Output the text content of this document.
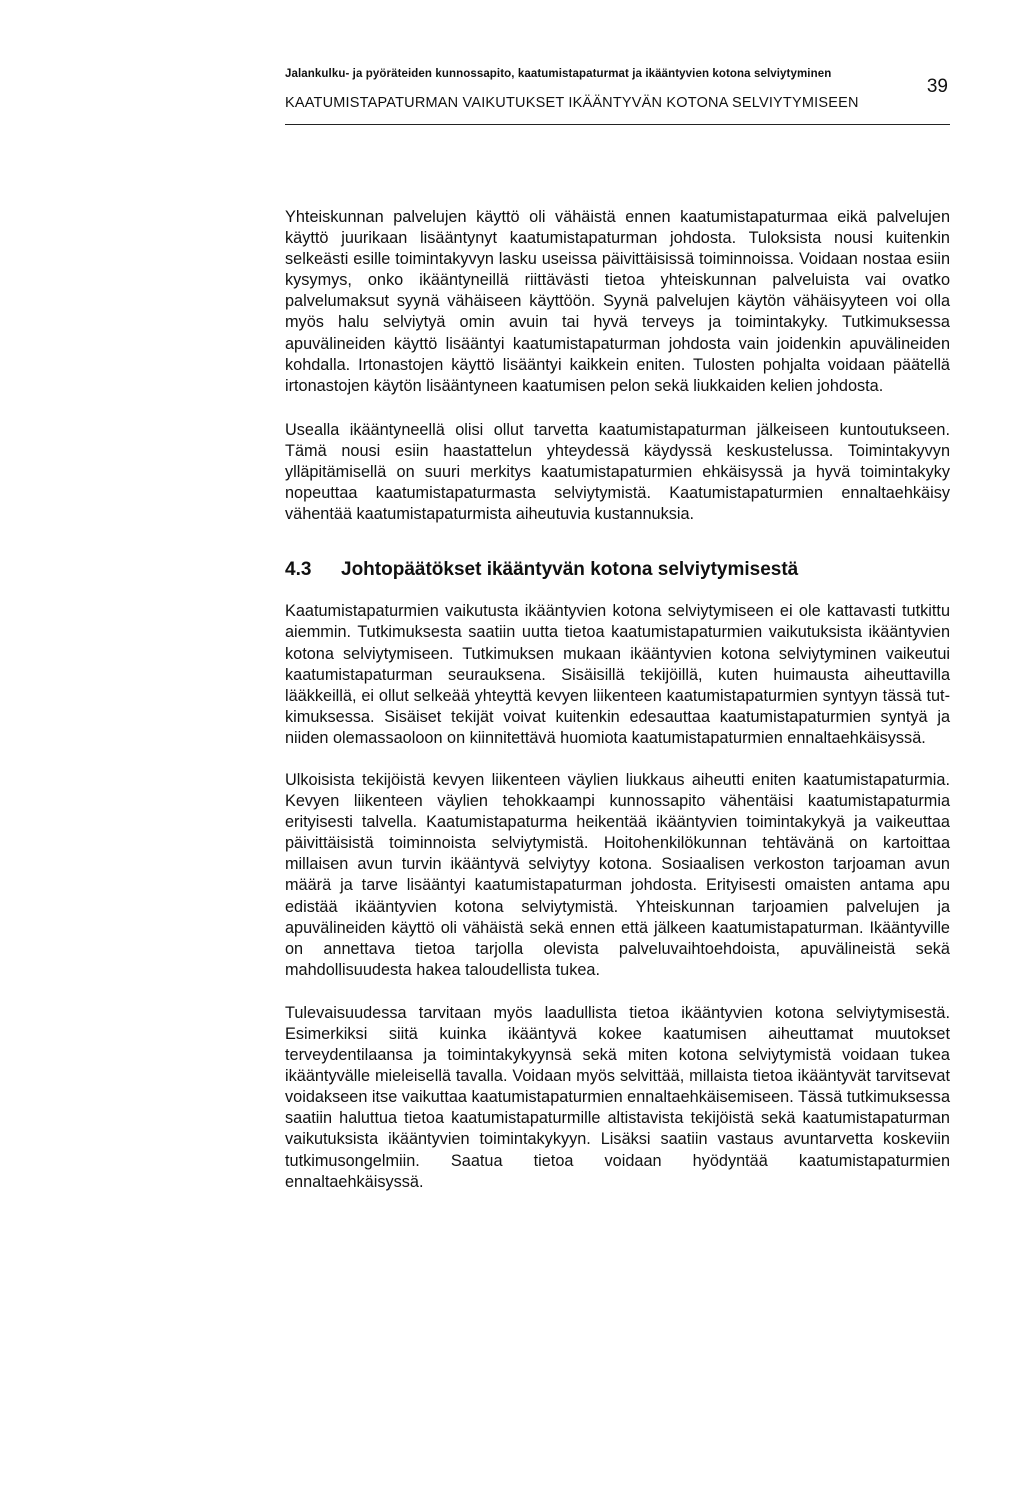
Jalankulku- ja pyöräteiden kunnossapito, kaatumistapaturmat ja ikääntyvien kotona selviytyminen
KAATUMISTAPATURMAN VAIKUTUKSET IKÄÄNTYVÄN KOTONA SELVIYTYMISEEN
39

Yhteiskunnan palvelujen käyttö oli vähäistä ennen kaatumistapaturmaa eikä palvelujen käyttö juurikaan lisääntynyt kaatumistapaturman johdosta. Tuloksista nousi kuitenkin selkeästi esille toimintakyvyn lasku useissa päivittäisissä toiminnoissa. Voidaan nostaa esiin kysymys, onko ikääntyneillä riittävästi tietoa yhteiskunnan palveluista vai ovatko palvelumaksut syynä vähäiseen käyttöön. Syynä palvelujen käytön vähäisyyteen voi olla myös halu selviytyä omin avuin tai hyvä terveys ja toimintakyky. Tutkimuksessa apuvälineiden käyttö lisääntyi kaatumistapaturman johdosta vain joidenkin apuvälineiden kohdalla. Irtonastojen käyttö lisääntyi kaikkein eniten. Tulosten pohjalta voidaan päätellä irtonastojen käytön lisääntyneen kaatumisen pelon sekä liukkaiden kelien johdosta.

Usealla ikääntyneellä olisi ollut tarvetta kaatumistapaturman jälkeiseen kuntoutukseen. Tämä nousi esiin haastattelun yhteydessä käydyssä keskustelussa. Toimintakyvyn ylläpitämisellä on suuri merkitys kaatumistapaturmien ehkäisyssä ja hyvä toimintakyky nopeuttaa kaatumistapaturmasta selviytymistä. Kaatumistapaturmien ennaltaehkäisy vähentää kaatumistapaturmista aiheutuvia kustannuksia.

4.3	Johtopäätökset ikääntyvän kotona selviytymisestä

Kaatumistapaturmien vaikutusta ikääntyvien kotona selviytymiseen ei ole kattavasti tutkittu aiemmin. Tutkimuksesta saatiin uutta tietoa kaatumistapaturmien vaikutuksista ikääntyvien kotona selviytymiseen. Tutkimuksen mukaan ikääntyvien kotona selviytyminen vaikeutui kaatumistapaturman seurauksena. Sisäisillä tekijöillä, kuten huimausta aiheuttavilla lääkkeillä, ei ollut selkeää yhteyttä kevyen liikenteen kaatumistapaturmien syntyyn tässä tutkimuksessa. Sisäiset tekijät voivat kuitenkin edesauttaa kaatumistapaturmien syntyä ja niiden olemassaoloon on kiinnitettävä huomiota kaatumistapaturmien ennaltaehkäisyssä.

Ulkoisista tekijöistä kevyen liikenteen väylien liukkaus aiheutti eniten kaatumistapaturmia. Kevyen liikenteen väylien tehokkaampi kunnossapito vähentäisi kaatumistapaturmia erityisesti talvella. Kaatumistapaturma heikentää ikääntyvien toimintakykyä ja vaikeuttaa päivittäisistä toiminnoista selviytymistä. Hoitohenkilökunnan tehtävänä on kartoittaa millaisen avun turvin ikääntyvä selviytyy kotona. Sosiaalisen verkoston tarjoaman avun määrä ja tarve lisääntyi kaatumistapaturman johdosta. Erityisesti omaisten antama apu edistää ikääntyvien kotona selviytymistä. Yhteiskunnan tarjoamien palvelujen ja apuvälineiden käyttö oli vähäistä sekä ennen että jälkeen kaatumistapaturman. Ikääntyville on annettava tietoa tarjolla olevista palveluvaihtoehdoista, apuvälineistä sekä mahdollisuudesta hakea taloudellista tukea.

Tulevaisuudessa tarvitaan myös laadullista tietoa ikääntyvien kotona selviytymisestä. Esimerkiksi siitä kuinka ikääntyvä kokee kaatumisen aiheuttamat muutokset terveydentilaansa ja toimintakykyynsä sekä miten kotona selviytymistä voidaan tukea ikääntyvälle mieleisellä tavalla. Voidaan myös selvittää, millaista tietoa ikääntyvät tarvitsevat voidakseen itse vaikuttaa kaatumistapaturmien ennaltaehkäisemiseen. Tässä tutkimuksessa saatiin haluttua tietoa kaatumistapaturmille altistavista tekijöistä sekä kaatumistapaturman vaikutuksista ikääntyvien toimintakykyyn. Lisäksi saatiin vastaus avuntarvetta koskeviin tutkimusongelmiin. Saatua tietoa voidaan hyödyntää kaatumistapaturmien ennaltaehkäisyssä.
